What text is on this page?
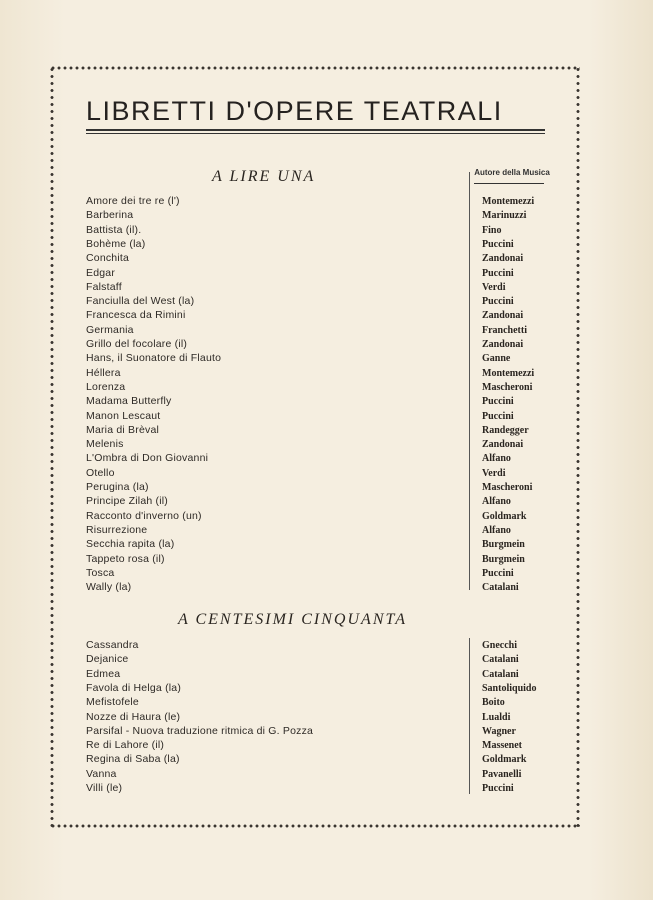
LIBRETTI D'OPERE TEATRALI
A LIRE UNA	Autore della Musica
A CENTESIMI CINQUANTA
Amore dei tre re (l')	Montemezzi
Barberina	Marinuzzi
Battista (il).	Fino
Bohème (la)	Puccini
Conchita	Zandonai
Edgar	Puccini
Falstaff	Verdi
Fanciulla del West (la)	Puccini
Francesca da Rimini	Zandonai
Germania	Franchetti
Grillo del focolare (il)	Zandonai
Hans, il Suonatore di Flauto	Ganne
Héllera	Montemezzi
Lorenza	Mascheroni
Madama Butterfly	Puccini
Manon Lescaut	Puccini
Maria di Brèval	Randegger
Melenis	Zandonai
L'Ombra di Don Giovanni	Alfano
Otello	Verdi
Perugina (la)	Mascheroni
Principe Zilah (il)	Alfano
Racconto d'inverno (un)	Goldmark
Risurrezione	Alfano
Secchia rapita (la)	Burgmein
Tappeto rosa (il)	Burgmein
Tosca	Puccini
Wally (la)	Catalani
Cassandra	Gnecchi
Dejanice	Catalani
Edmea	Catalani
Favola di Helga (la)	Santoliquido
Mefistofele	Boito
Nozze di Haura (le)	Lualdi
Parsifal - Nuova traduzione ritmica di G. Pozza	Wagner
Re di Lahore (il)	Massenet
Regina di Saba (la)	Goldmark
Vanna	Pavanelli
Villi (le)	Puccini
